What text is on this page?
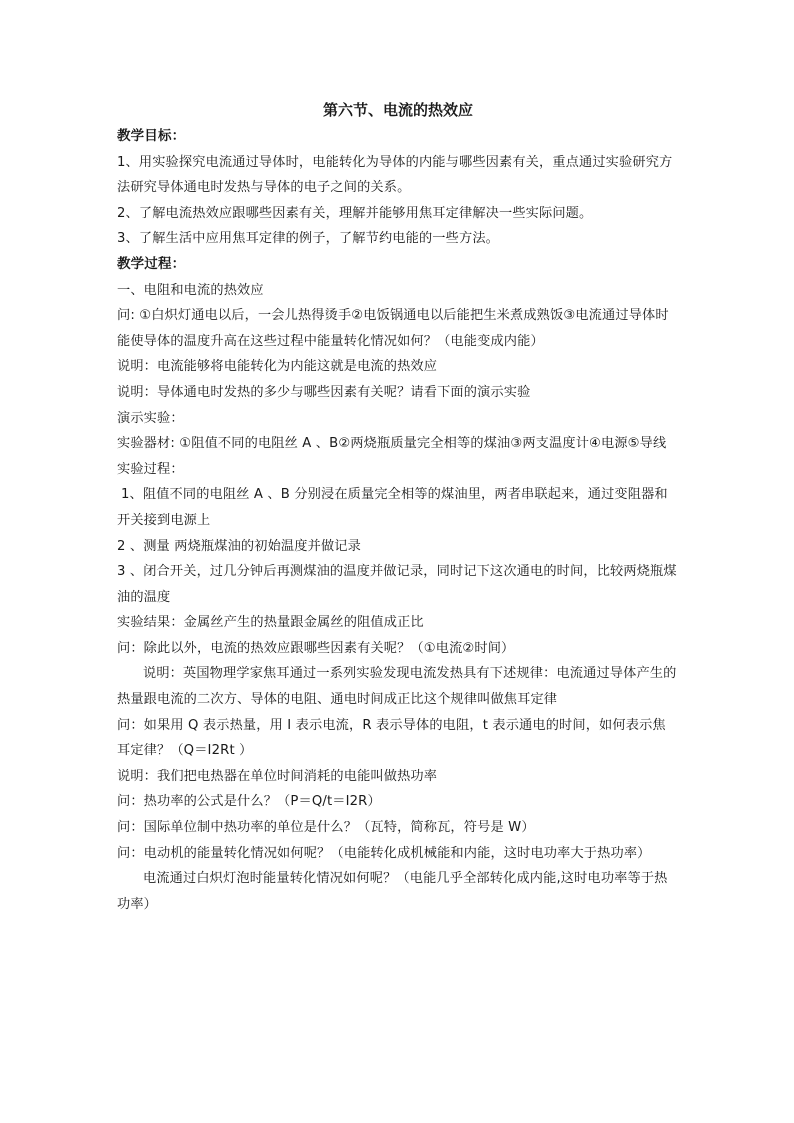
第六节、电流的热效应

教学目标：

1、用实验探究电流通过导体时，电能转化为导体的内能与哪些因素有关，重点通过实验研究方法研究导体通电时发热与导体的电子之间的关系。

2、了解电流热效应跟哪些因素有关，理解并能够用焦耳定律解决一些实际问题。

3、了解生活中应用焦耳定律的例子，了解节约电能的一些方法。

教学过程：

一、电阻和电流的热效应

问: ①白炽灯通电以后，一会儿热得烫手②电饭锅通电以后能把生米煮成熟饭③电流通过导体时能使导体的温度升高在这些过程中能量转化情况如何？（电能变成内能）

说明：电流能够将电能转化为内能这就是电流的热效应

说明：导体通电时发热的多少与哪些因素有关呢？请看下面的演示实验

演示实验：

实验器材: ①阻值不同的电阻丝 A 、B②两烧瓶质量完全相等的煤油③两支温度计④电源⑤导线

实验过程：

1、阻值不同的电阻丝 A 、B 分别浸在质量完全相等的煤油里，两者串联起来，通过变阻器和开关接到电源上

2 、测量 两烧瓶煤油的初始温度并做记录

3 、闭合开关，过几分钟后再测煤油的温度并做记录，同时记下这次通电的时间，比较两烧瓶煤油的温度

实验结果：金属丝产生的热量跟金属丝的阻值成正比

问：除此以外，电流的热效应跟哪些因素有关呢？（①电流②时间）

说明：英国物理学家焦耳通过一系列实验发现电流发热具有下述规律：电流通过导体产生的热量跟电流的二次方、导体的电阻、通电时间成正比这个规律叫做焦耳定律

问：如果用 Q 表示热量，用 I 表示电流，R 表示导体的电阻，t 表示通电的时间，如何表示焦耳定律？（Q＝I2Rt ）

说明：我们把电热器在单位时间消耗的电能叫做热功率

问：热功率的公式是什么？（P＝Q/t＝I2R）

问：国际单位制中热功率的单位是什么？（瓦特，简称瓦，符号是 W）

问：电动机的能量转化情况如何呢？（电能转化成机械能和内能，这时电功率大于热功率）

电流通过白炽灯泡时能量转化情况如何呢？（电能几乎全部转化成内能,这时电功率等于热功率）
